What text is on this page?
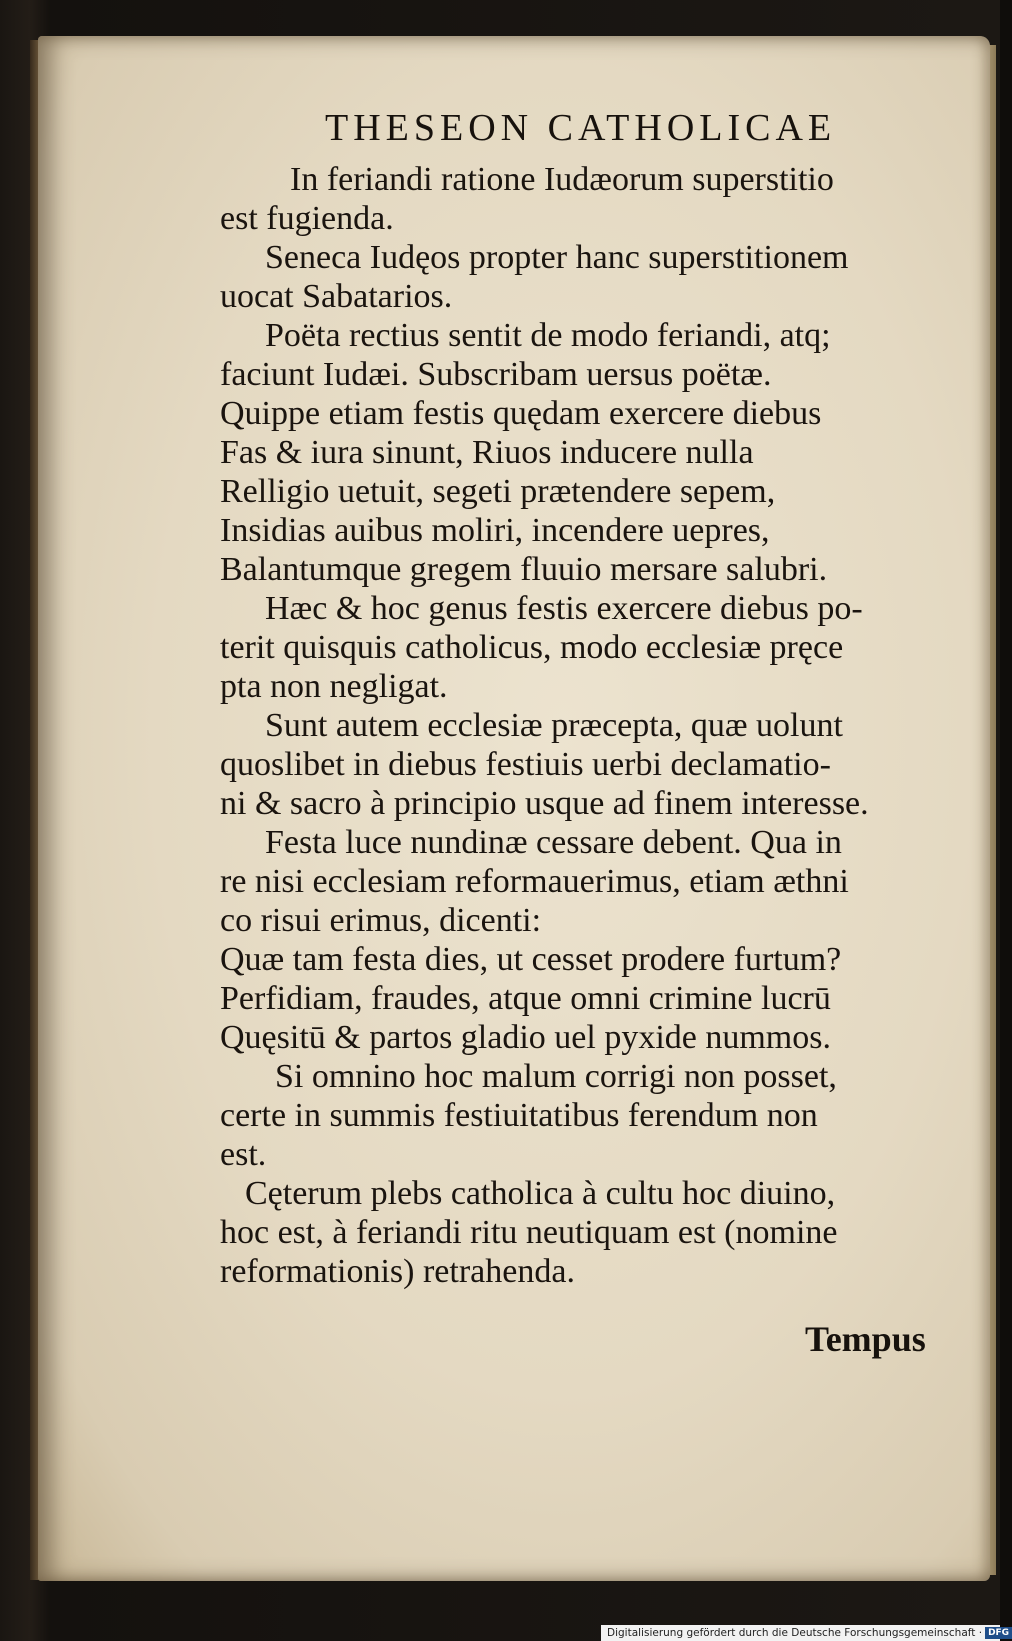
THESEON CATHOLICAE
In feriandi ratione Iudæorum superstitio
est fugienda.
Seneca Iudęos propter hanc superstitionem
uocat Sabatarios.
Poëta rectius sentit de modo feriandi, atq;
faciunt Iudæi. Subscribam uersus poëtæ.
Quippe etiam festis quędam exercere diebus
Fas & iura sinunt, Riuos inducere nulla
Relligio uetuit, segeti prætendere sepem,
Insidias auibus moliri, incendere uepres,
Balantumque gregem fluuio mersare salubri.
Hæc & hoc genus festis exercere diebus po-
terit quisquis catholicus, modo ecclesiæ pręce
pta non negligat.
Sunt autem ecclesiæ præcepta, quæ uolunt
quoslibet in diebus festiuis uerbi declamatio-
ni & sacro à principio usque ad finem interesse.
Festa luce nundinæ cessare debent. Qua in
re nisi ecclesiam reformauerimus, etiam æthni
co risui erimus, dicenti:
Quæ tam festa dies, ut cesset prodere furtum?
Perfidiam, fraudes, atque omni crimine lucrū
Quęsitū & partos gladio uel pyxide nummos.
Si omnino hoc malum corrigi non posset,
certe in summis festiuitatibus ferendum non
est.
Cęterum plebs catholica à cultu hoc diuino,
hoc est, à feriandi ritu neutiquam est (nomine
reformationis) retrahenda.
Tempus
Digitalisierung gefördert durch die Deutsche Forschungsgemeinschaft · DFG
